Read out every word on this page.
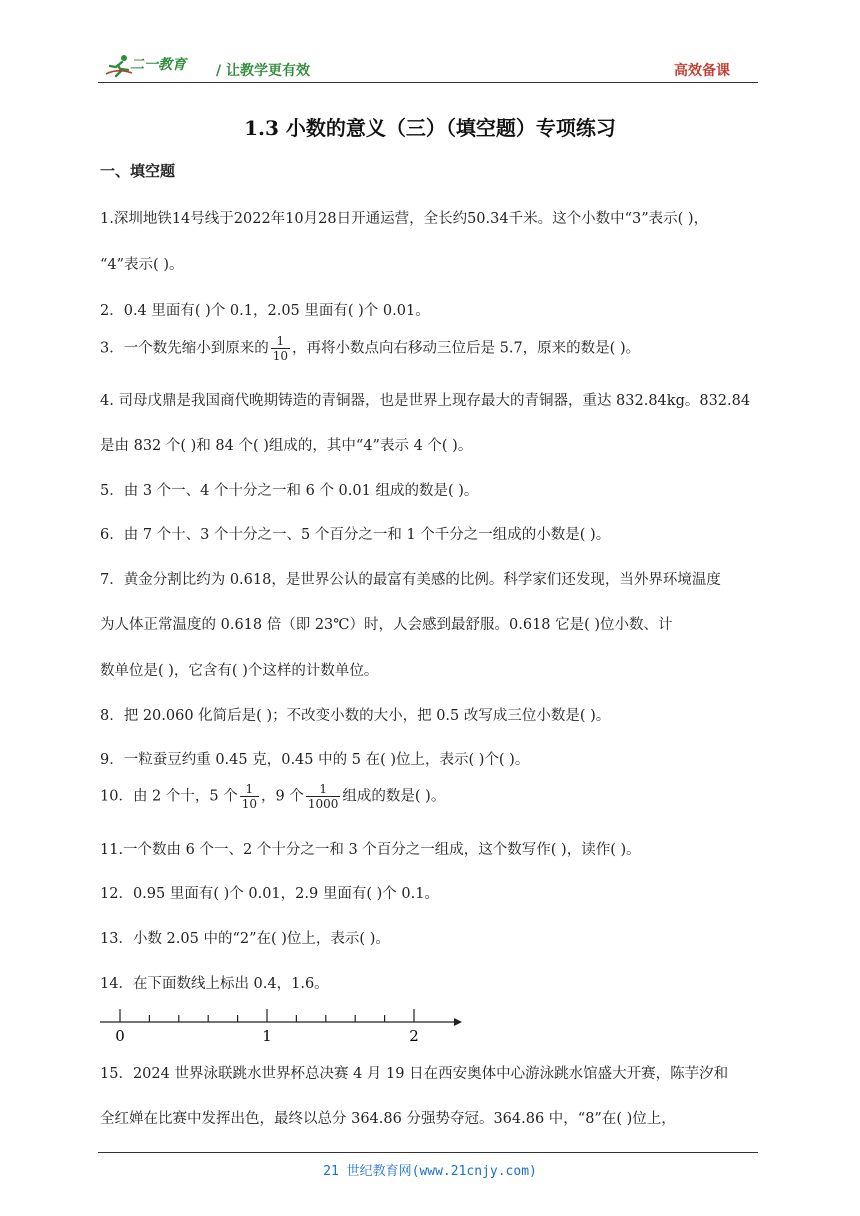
二一教育 / 让教学更有效	高效备课
1.3 小数的意义（三）（填空题）专项练习
一、填空题
1.深圳地铁14号线于2022年10月28日开通运营，全长约50.34千米。这个小数中“3”表示( )，
“4”表示( )。
2．0.4 里面有( )个 0.1，2.05 里面有( )个 0.01。
3．一个数先缩小到原来的 $\frac{1}{10}$ ，再将小数点向右移动三位后是 5.7，原来的数是( )。
4. 司母戊鼎是我国商代晚期铸造的青铜器，也是世界上现存最大的青铜器，重达 832.84kg。832.84
是由 832 个( )和 84 个( )组成的，其中“4”表示 4 个( )。
5．由 3 个一、4 个十分之一和 6 个 0.01 组成的数是( )。
6．由 7 个十、3 个十分之一、5 个百分之一和 1 个千分之一组成的小数是( )。
7．黄金分割比约为 0.618，是世界公认的最富有美感的比例。科学家们还发现，当外界环境温度
为人体正常温度的 0.618 倍（即 23℃）时，人会感到最舒服。0.618 它是( )位小数、计
数单位是( )，它含有( )个这样的计数单位。
8．把 20.060 化简后是( )；不改变小数的大小，把 0.5 改写成三位小数是( )。
9．一粒蚕豆约重 0.45 克，0.45 中的 5 在( )位上，表示( )个( )。
10．由 2 个十，5 个 $\frac{1}{10}$ ，9 个 $\frac{1}{1000}$ 组成的数是( )。
11.一个数由 6 个一、2 个十分之一和 3 个百分之一组成，这个数写作( )，读作( )。
12．0.95 里面有( )个 0.01，2.9 里面有( )个 0.1。
13．小数 2.05 中的“2”在( )位上，表示( )。
14．在下面数线上标出 0.4，1.6。
0	1	2
15．2024 世界泳联跳水世界杯总决赛 4 月 19 日在西安奥体中心游泳跳水馆盛大开赛，陈芋汐和
全红婵在比赛中发挥出色，最终以总分 364.86 分强势夺冠。364.86 中，“8”在( )位上，
21 世纪教育网(www.21cnjy.com)
